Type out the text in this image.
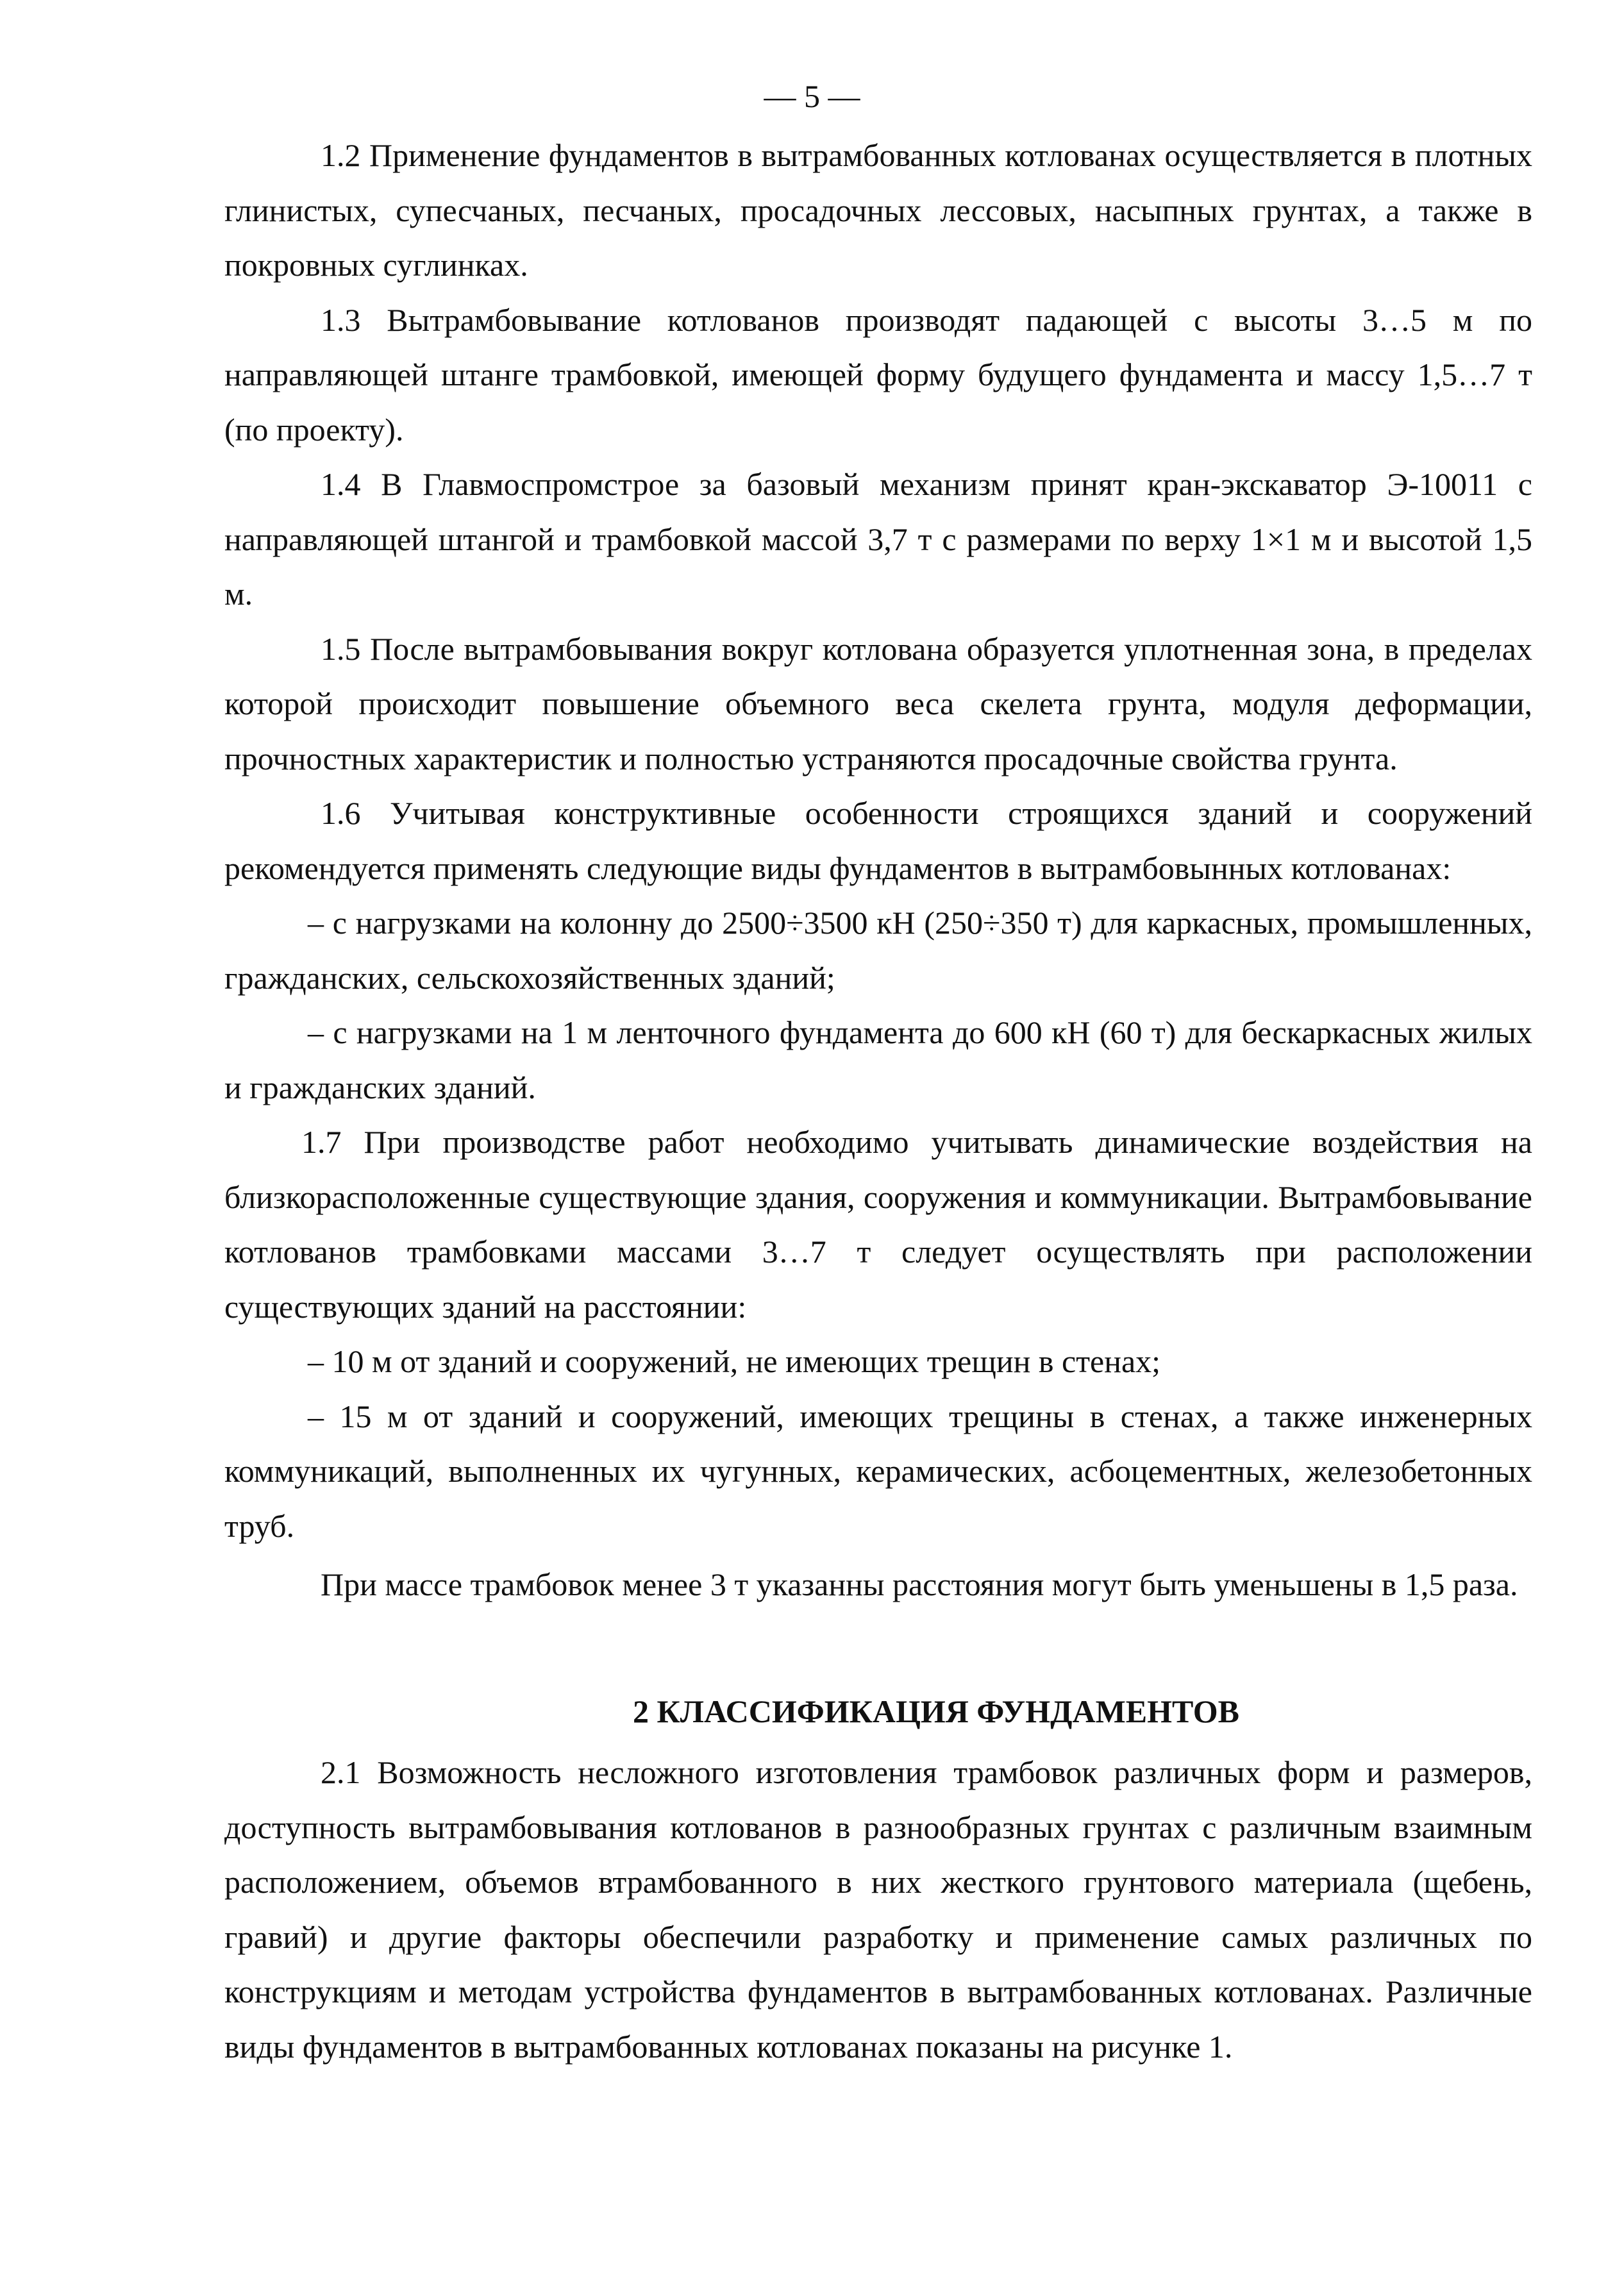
— 5 —

1.2 Применение фундаментов в вытрамбованных котлованах осуществляется в плотных глинистых, супесчаных, песчаных, просадочных лессовых, насыпных грунтах, а также в покровных суглинках.

1.3 Вытрамбовывание котлованов производят падающей с высоты 3…5 м по направляющей штанге трамбовкой, имеющей форму будущего фундамента и массу 1,5…7 т (по проекту).

1.4 В Главмоспромстрое за базовый механизм принят кран-экскаватор Э-10011 с направляющей штангой и трамбовкой массой 3,7 т с размерами по верху 1×1 м и высотой 1,5 м.

1.5 После вытрамбовывания вокруг котлована образуется уплотненная зона, в пределах которой происходит повышение объемного веса скелета грунта, модуля деформации, прочностных характеристик и полностью устраняются просадочные свойства грунта.

1.6 Учитывая конструктивные особенности строящихся зданий и сооружений рекомендуется применять следующие виды фундаментов в вытрамбовынных котлованах:

– с нагрузками на колонну до 2500÷3500 кН (250÷350 т) для каркасных, промышленных, гражданских, сельскохозяйственных зданий;

– с нагрузками на 1 м ленточного фундамента до 600 кН (60 т) для бескаркасных жилых и гражданских зданий.

1.7 При производстве работ необходимо учитывать динамические воздействия на близкорасположенные существующие здания, сооружения и коммуникации. Вытрамбовывание котлованов трамбовками массами 3…7 т следует осуществлять при расположении существующих зданий на расстоянии:

– 10 м от зданий и сооружений, не имеющих трещин в стенах;

– 15 м от зданий и сооружений, имеющих трещины в стенах, а также инженерных коммуникаций, выполненных их чугунных, керамических, асбоцементных, железобетонных труб.

При массе трамбовок менее 3 т указанны расстояния могут быть уменьшены в 1,5 раза.

2 КЛАССИФИКАЦИЯ ФУНДАМЕНТОВ

2.1 Возможность несложного изготовления трамбовок различных форм и размеров, доступность вытрамбовывания котлованов в разнообразных грунтах с различным взаимным расположением, объемов втрамбованного в них жесткого грунтового материала (щебень, гравий) и другие факторы обеспечили разработку и применение самых различных по конструкциям и методам устройства фундаментов в вытрамбованных котлованах. Различные виды фундаментов в вытрамбованных котлованах показаны на рисунке 1.
